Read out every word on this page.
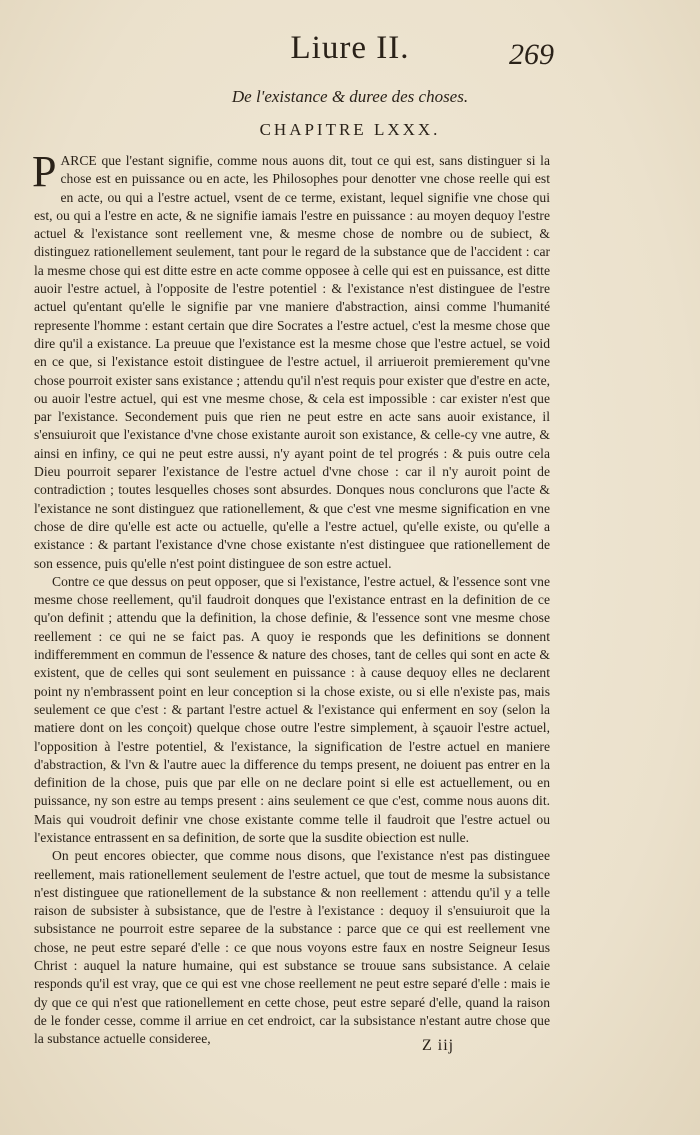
Liure II.	269
De l'existance & duree des choses.
CHAPITRE LXXX.

PARCE que l'estant signifie, comme nous auons dit, tout ce qui est, sans distinguer si la chose est en puissance ou en acte, les Philosophes pour denotter vne chose reelle qui est en acte, ou qui a l'estre actuel, vsent de ce terme, existant, lequel signifie vne chose qui est, ou qui a l'estre en acte, & ne signifie iamais l'estre en puissance : au moyen dequoy l'estre actuel & l'existance sont reellement vne, & mesme chose de nombre ou de subiect, & distinguez rationellement seulement, tant pour le regard de la substance que de l'accident : car la mesme chose qui est ditte estre en acte comme opposee à celle qui est en puissance, est ditte auoir l'estre actuel, à l'opposite de l'estre potentiel : & l'existance n'est distinguee de l'estre actuel qu'entant qu'elle le signifie par vne maniere d'abstraction, ainsi comme l'humanité represente l'homme : estant certain que dire Socrates a l'estre actuel, c'est la mesme chose que dire qu'il a existance. La preuue que l'existance est la mesme chose que l'estre actuel, se void en ce que, si l'existance estoit distinguee de l'estre actuel, il arriueroit premierement qu'vne chose pourroit exister sans existance ; attendu qu'il n'est requis pour exister que d'estre en acte, ou auoir l'estre actuel, qui est vne mesme chose, & cela est impossible : car exister n'est que par l'existance. Secondement puis que rien ne peut estre en acte sans auoir existance, il s'ensuiuroit que l'existance d'vne chose existante auroit son existance, & celle-cy vne autre, & ainsi en infiny, ce qui ne peut estre aussi, n'y ayant point de tel progrés : & puis outre cela Dieu pourroit separer l'existance de l'estre actuel d'vne chose : car il n'y auroit point de contradiction ; toutes lesquelles choses sont absurdes. Donques nous conclurons que l'acte & l'existance ne sont distinguez que rationellement, & que c'est vne mesme signification en vne chose de dire qu'elle est acte ou actuelle, qu'elle a l'estre actuel, qu'elle existe, ou qu'elle a existance : & partant l'existance d'vne chose existante n'est distinguee que rationellement de son essence, puis qu'elle n'est point distinguee de son estre actuel.

Contre ce que dessus on peut opposer, que si l'existance, l'estre actuel, & l'essence sont vne mesme chose reellement, qu'il faudroit donques que l'existance entrast en la definition de ce qu'on definit ; attendu que la definition, la chose definie, & l'essence sont vne mesme chose reellement : ce qui ne se faict pas. A quoy ie responds que les definitions se donnent indifferemment en commun de l'essence & nature des choses, tant de celles qui sont en acte & existent, que de celles qui sont seulement en puissance : à cause dequoy elles ne declarent point ny n'embrassent point en leur conception si la chose existe, ou si elle n'existe pas, mais seulement ce que c'est : & partant l'estre actuel & l'existance qui enferment en soy (selon la matiere dont on les conçoit) quelque chose outre l'estre simplement, à sçauoir l'estre actuel, l'opposition à l'estre potentiel, & l'existance, la signification de l'estre actuel en maniere d'abstraction, & l'vn & l'autre auec la difference du temps present, ne doiuent pas entrer en la definition de la chose, puis que par elle on ne declare point si elle est actuellement, ou en puissance, ny son estre au temps present : ains seulement ce que c'est, comme nous auons dit. Mais qui voudroit definir vne chose existante comme telle il faudroit que l'estre actuel ou l'existance entrassent en sa definition, de sorte que la susdite obiection est nulle.

On peut encores obiecter, que comme nous disons, que l'existance n'est pas distinguee reellement, mais rationellement seulement de l'estre actuel, que tout de mesme la subsistance n'est distinguee que rationellement de la substance & non reellement : attendu qu'il y a telle raison de subsister à subsistance, que de l'estre à l'existance : dequoy il s'ensuiuroit que la subsistance ne pourroit estre separee de la substance : parce que ce qui est reellement vne chose, ne peut estre separé d'elle : ce que nous voyons estre faux en nostre Seigneur Iesus Christ : auquel la nature humaine, qui est substance se trouue sans subsistance. A celaie responds qu'il est vray, que ce qui est vne chose reellement ne peut estre separé d'elle : mais ie dy que ce qui n'est que rationellement en cette chose, peut estre separé d'elle, quand la raison de le fonder cesse, comme il arriue en cet endroict, car la subsistance n'estant autre chose que la substance actuelle consideree,	Z iij
